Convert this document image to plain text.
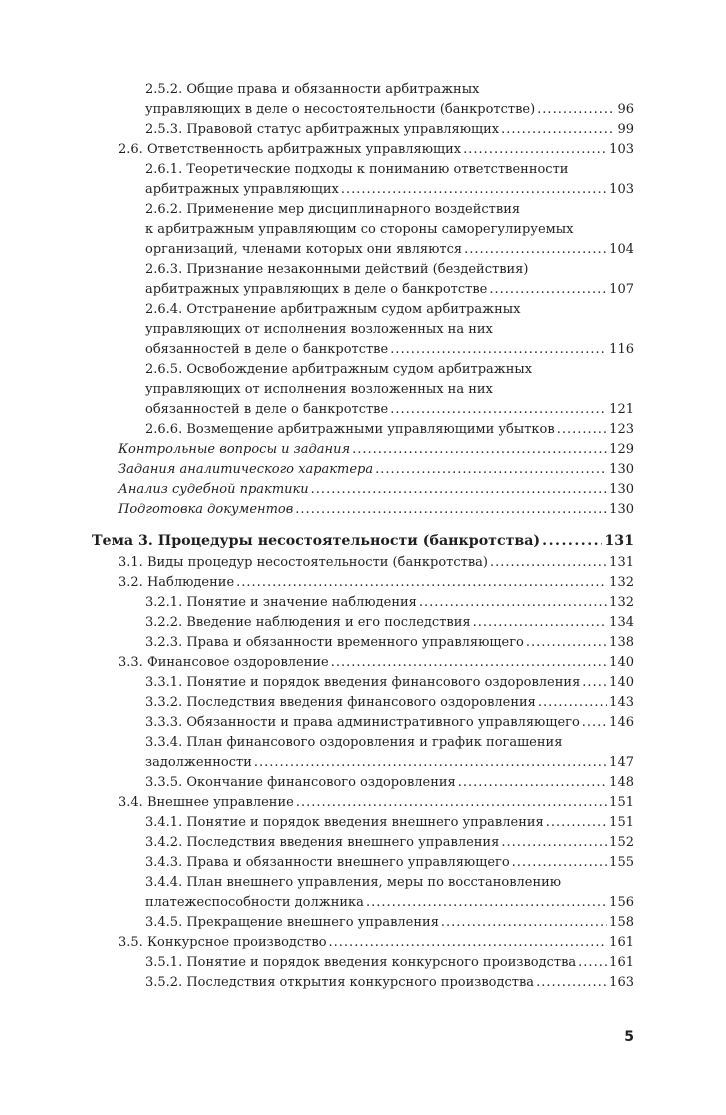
2.5.2. Общие права и обязанности арбитражных
управляющих в деле о несостоятельности (банкротстве) .....	96
2.5.3. Правовой статус арбитражных управляющих .....	99
2.6. Ответственность арбитражных управляющих .....	103
2.6.1. Теоретические подходы к пониманию ответственности
арбитражных управляющих .....	103
2.6.2. Применение мер дисциплинарного воздействия
к арбитражным управляющим со стороны саморегулируемых
организаций, членами которых они являются .....	104
2.6.3. Признание незаконными действий (бездействия)
арбитражных управляющих в деле о банкротстве .....	107
2.6.4. Отстранение арбитражным судом арбитражных
управляющих от исполнения возложенных на них
обязанностей в деле о банкротстве .....	116
2.6.5. Освобождение арбитражным судом арбитражных
управляющих от исполнения возложенных на них
обязанностей в деле о банкротстве .....	121
2.6.6. Возмещение арбитражными управляющими убытков .....	123
Контрольные вопросы и задания .....	129
Задания аналитического характера .....	130
Анализ судебной практики .....	130
Подготовка документов .....	130
Тема 3. Процедуры несостоятельности (банкротства) .....	131
3.1. Виды процедур несостоятельности (банкротства) .....	131
3.2. Наблюдение .....	132
3.2.1. Понятие и значение наблюдения .....	132
3.2.2. Введение наблюдения и его последствия .....	134
3.2.3. Права и обязанности временного управляющего .....	138
3.3. Финансовое оздоровление .....	140
3.3.1. Понятие и порядок введения финансового оздоровления ..... 140
3.3.2. Последствия введения финансового оздоровления .....	143
3.3.3. Обязанности и права административного управляющего ..... 146
3.3.4. План финансового оздоровления и график погашения
задолженности .....	147
3.3.5. Окончание финансового оздоровления .....	148
3.4. Внешнее управление .....	151
3.4.1. Понятие и порядок введения внешнего управления .....	151
3.4.2. Последствия введения внешнего управления .....	152
3.4.3. Права и обязанности внешнего управляющего .....	155
3.4.4. План внешнего управления, меры по восстановлению
платежеспособности должника .....	156
3.4.5. Прекращение внешнего управления .....	158
3.5. Конкурсное производство .....	161
3.5.1. Понятие и порядок введения конкурсного производства .....	161
3.5.2. Последствия открытия конкурсного производства .....	163
5
